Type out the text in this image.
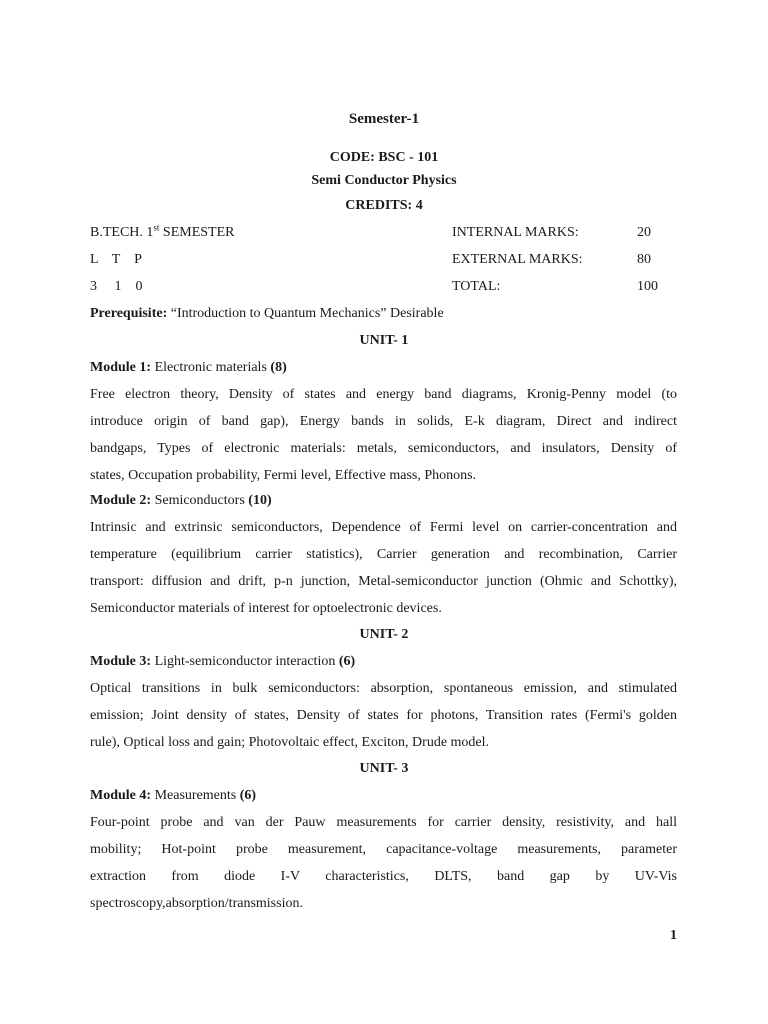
Semester-1
CODE: BSC - 101
Semi Conductor Physics
CREDITS: 4
B.TECH. 1st SEMESTER	INTERNAL MARKS:	20
L    T    P	EXTERNAL MARKS:	80
3     1    0	TOTAL:	100
Prerequisite: “Introduction to Quantum Mechanics” Desirable
UNIT- 1
Module 1: Electronic materials (8)
Free electron theory, Density of states and energy band diagrams, Kronig-Penny model (to
introduce origin of band gap), Energy bands in solids, E-k diagram, Direct and indirect
bandgaps, Types of electronic materials: metals, semiconductors, and insulators, Density of
states, Occupation probability, Fermi level, Effective mass, Phonons.
Module 2: Semiconductors (10)
Intrinsic and extrinsic semiconductors, Dependence of Fermi level on carrier-concentration and
temperature (equilibrium carrier statistics), Carrier generation and recombination, Carrier
transport: diffusion and drift, p-n junction, Metal-semiconductor junction (Ohmic and Schottky),
Semiconductor materials of interest for optoelectronic devices.
UNIT- 2
Module 3: Light-semiconductor interaction (6)
Optical transitions in bulk semiconductors: absorption, spontaneous emission, and stimulated
emission; Joint density of states, Density of states for photons, Transition rates (Fermi's golden
rule), Optical loss and gain; Photovoltaic effect, Exciton, Drude model.
UNIT- 3
Module 4: Measurements (6)
Four-point probe and van der Pauw measurements for carrier density, resistivity, and hall
mobility; Hot-point probe measurement, capacitance-voltage measurements, parameter
extraction from diode I-V characteristics, DLTS, band gap by UV-Vis
spectroscopy,absorption/transmission.
1
